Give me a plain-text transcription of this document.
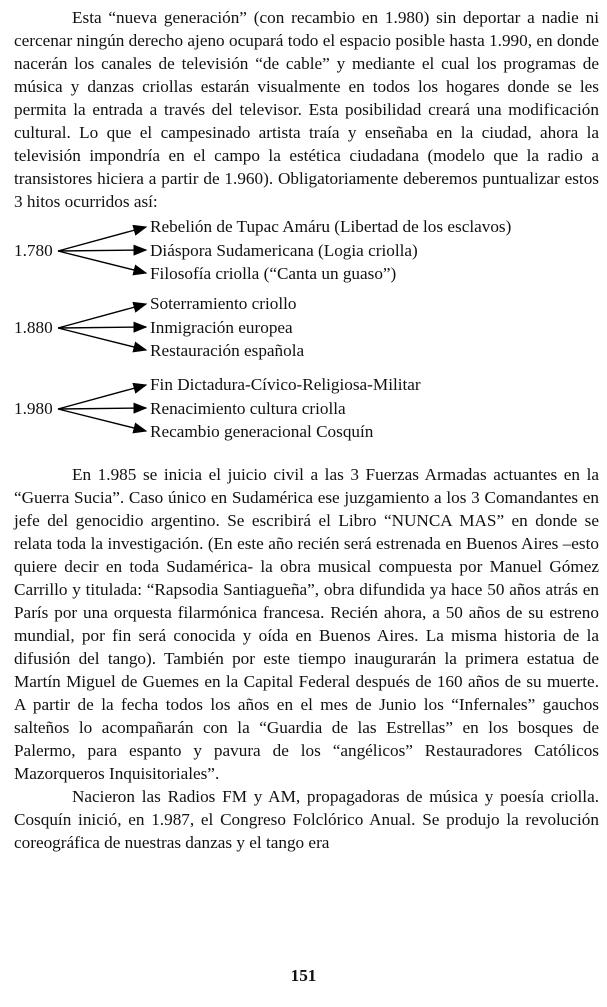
Esta “nueva generación” (con recambio en 1.980) sin deportar a nadie ni cercenar ningún derecho ajeno ocupará todo el espacio posible hasta 1.990, en donde nacerán los canales de televisión “de cable” y mediante el cual los programas de música y danzas criollas estarán visualmente en todos los hogares donde se les permita la entrada a través del televisor. Esta posibilidad creará una modificación cultural. Lo que el campesinado artista traía y enseñaba en la ciudad, ahora la televisión impondría en el campo la estética ciudadana (modelo que la radio a transistores hiciera a partir de 1.960). Obligatoriamente deberemos puntualizar estos 3 hitos ocurridos así:

1.780
Rebelión de Tupac Amáru (Libertad de los esclavos)
Diáspora Sudamericana (Logia criolla)
Filosofía criolla (“Canta un guaso”)
1.880
Soterramiento criollo
Inmigración europea
Restauración española
1.980
Fin Dictadura-Cívico-Religiosa-Militar
Renacimiento cultura criolla
Recambio generacional Cosquín

En 1.985 se inicia el juicio civil a las 3 Fuerzas Armadas actuantes en la “Guerra Sucia”. Caso único en Sudamérica ese juzgamiento a los 3 Comandantes en jefe del genocidio argentino. Se escribirá el Libro “NUNCA MAS” en donde se relata toda la investigación. (En este año recién será estrenada en Buenos Aires –esto quiere decir en toda Sudamérica- la obra musical compuesta por Manuel Gómez Carrillo y titulada: “Rapsodia Santiagueña”, obra difundida ya hace 50 años atrás en París por una orquesta filarmónica francesa. Recién ahora, a 50 años de su estreno mundial, por fin será conocida y oída en Buenos Aires. La misma historia de la difusión del tango). También por este tiempo inaugurarán la primera estatua de Martín Miguel de Guemes en la Capital Federal después de 160 años de su muerte. A partir de la fecha todos los años en el mes de Junio los “Infernales” gauchos salteños lo acompañarán con la “Guardia de las Estrellas” en los bosques de Palermo, para espanto y pavura de los “angélicos” Restauradores Católicos Mazorqueros Inquisitoriales”.

Nacieron las Radios FM y AM, propagadoras de música y poesía criolla. Cosquín inició, en 1.987, el Congreso Folclórico Anual. Se produjo la revolución coreográfica de nuestras danzas y el tango era

151
